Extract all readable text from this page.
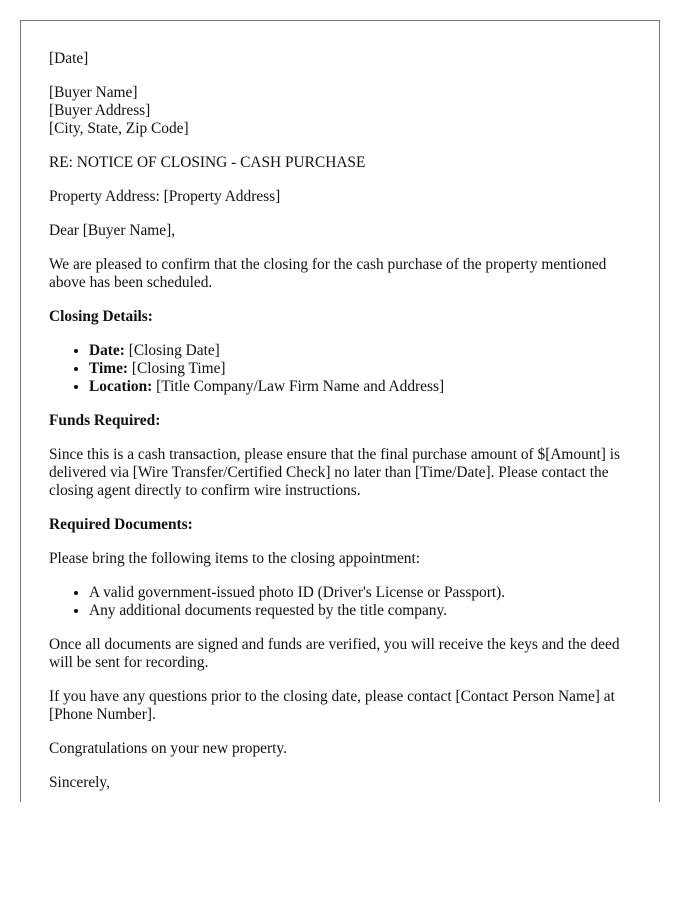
[Date]

[Buyer Name]
[Buyer Address]
[City, State, Zip Code]

RE: NOTICE OF CLOSING - CASH PURCHASE

Property Address: [Property Address]

Dear [Buyer Name],

We are pleased to confirm that the closing for the cash purchase of the property mentioned above has been scheduled.

Closing Details:

• Date: [Closing Date]
• Time: [Closing Time]
• Location: [Title Company/Law Firm Name and Address]

Funds Required:

Since this is a cash transaction, please ensure that the final purchase amount of $[Amount] is delivered via [Wire Transfer/Certified Check] no later than [Time/Date]. Please contact the closing agent directly to confirm wire instructions.

Required Documents:

Please bring the following items to the closing appointment:

• A valid government-issued photo ID (Driver's License or Passport).
• Any additional documents requested by the title company.

Once all documents are signed and funds are verified, you will receive the keys and the deed will be sent for recording.

If you have any questions prior to the closing date, please contact [Contact Person Name] at [Phone Number].

Congratulations on your new property.

Sincerely,
